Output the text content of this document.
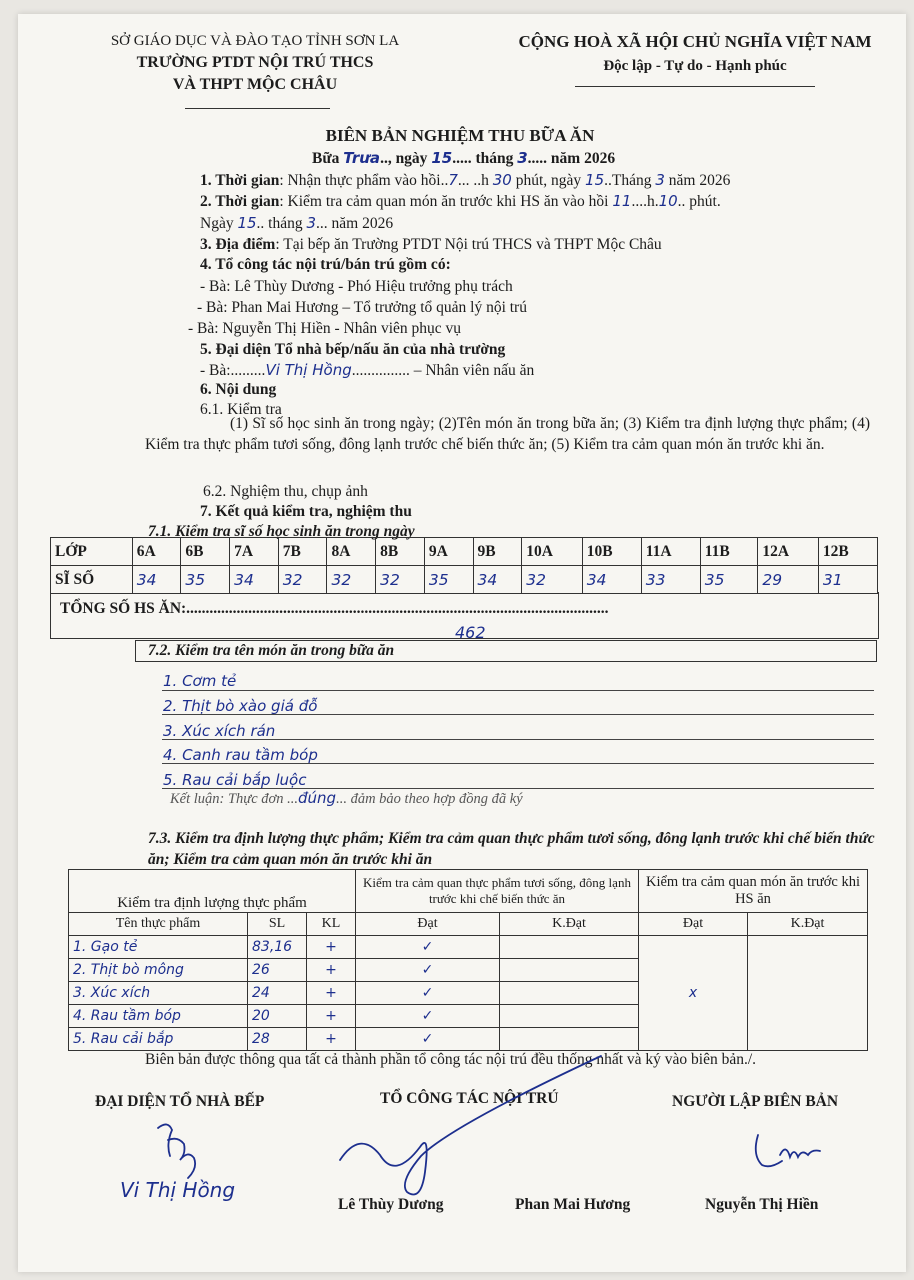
SỞ GIÁO DỤC VÀ ĐÀO TẠO TỈNH SƠN LA
TRƯỜNG PTDT NỘI TRÚ THCS
VÀ THPT MỘC CHÂU
CỘNG HOÀ XÃ HỘI CHỦ NGHĨA VIỆT NAM
Độc lập - Tự do - Hạnh phúc
BIÊN BẢN NGHIỆM THU BỮA ĂN
Bữa Trưa.., ngày 15..... tháng 3..... năm 2026
1. Thời gian: Nhận thực phẩm vào hồi..7... ..h 30 phút, ngày 15..Tháng 3 năm 2026
2. Thời gian: Kiểm tra cảm quan món ăn trước khi HS ăn vào hồi 11....h.10.. phút.
Ngày 15.. tháng 3... năm 2026
3. Địa điểm: Tại bếp ăn Trường PTDT Nội trú THCS và THPT Mộc Châu
4. Tổ công tác nội trú/bán trú gồm có:
- Bà: Lê Thùy Dương - Phó Hiệu trưởng phụ trách
- Bà: Phan Mai Hương – Tổ trưởng tổ quản lý nội trú
- Bà: Nguyễn Thị Hiền - Nhân viên phục vụ
5. Đại diện Tổ nhà bếp/nấu ăn của nhà trường
- Bà:.........Vi Thị Hồng............... – Nhân viên nấu ăn
6. Nội dung
6.1. Kiểm tra
(1) Sĩ số học sinh ăn trong ngày; (2)Tên món ăn trong bữa ăn; (3) Kiểm tra định lượng thực phẩm; (4) Kiểm tra thực phẩm tươi sống, đông lạnh trước chế biến thức ăn; (5) Kiểm tra cảm quan món ăn trước khi ăn.
6.2. Nghiệm thu, chụp ảnh
7. Kết quả kiểm tra, nghiệm thu
7.1. Kiểm tra sĩ số học sinh ăn trong ngày
LỚP	6A	6B	7A	7B	8A	8B	9A	9B	10A	10B	11A	11B	12A	12B
SĨ SỐ	34	35	34	32	32	32	35	34	32	34	33	35	29	31
TỔNG SỐ HS ĂN:.............................................................................................................
462
7.2. Kiểm tra tên món ăn trong bữa ăn
1. Cơm tẻ
2. Thịt bò xào giá đỗ
3. Xúc xích rán
4. Canh rau tầm bóp
5. Rau cải bắp luộc
Kết luận: Thực đơn ...đúng... đảm bảo theo hợp đồng đã ký
7.3. Kiểm tra định lượng thực phẩm; Kiểm tra cảm quan thực phẩm tươi sống, đông lạnh trước khi chế biến thức ăn; Kiểm tra cảm quan món ăn trước khi ăn
Kiểm tra định lượng thực phẩm			Kiểm tra cảm quan thực phẩm tươi sống, đông lạnh trước khi chế biến thức ăn		Kiểm tra cảm quan món ăn trước khi HS ăn	
Tên thực phẩm	SL	KL	Đạt	K.Đạt	Đạt	K.Đạt
1. Gạo tẻ	83,16	+	✓		x	
2. Thịt bò mông	26	+	✓			
3. Xúc xích	24	+	✓			
4. Rau tầm bóp	20	+	✓			
5. Rau cải bắp	28	+	✓			
Biên bản được thông qua tất cả thành phần tổ công tác nội trú đều thống nhất và ký vào biên bản./.
ĐẠI DIỆN TỔ NHÀ BẾP	TỔ CÔNG TÁC NỘI TRÚ	NGƯỜI LẬP BIÊN BẢN
Vi Thị Hồng
Lê Thùy Dương	Phan Mai Hương	Nguyễn Thị Hiền
